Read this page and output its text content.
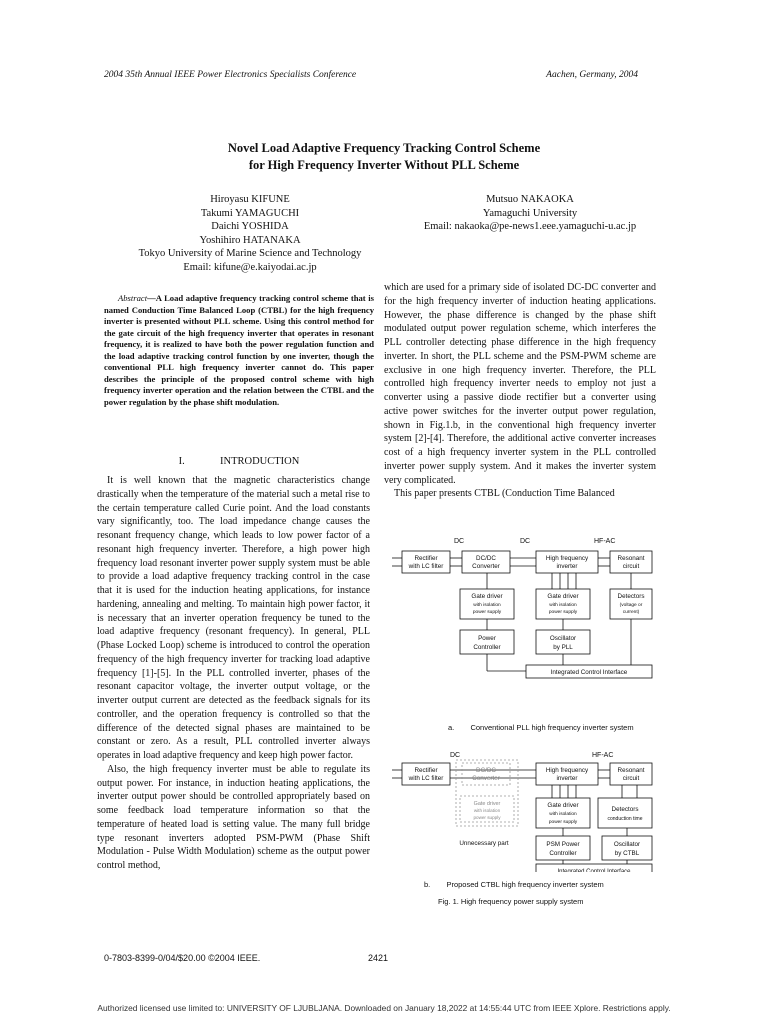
2004 35th Annual IEEE Power Electronics Specialists Conference	Aachen, Germany, 2004
Novel Load Adaptive Frequency Tracking Control Scheme
for High Frequency Inverter Without PLL Scheme
Hiroyasu KIFUNE
Takumi YAMAGUCHI
Daichi YOSHIDA
Yoshihiro HATANAKA
Tokyo University of Marine Science and Technology
Email: kifune@e.kaiyodai.ac.jp
Mutsuo NAKAOKA
Yamaguchi University
Email: nakaoka@pe-news1.eee.yamaguchi-u.ac.jp
Abstract—A Load adaptive frequency tracking control scheme that is named Conduction Time Balanced Loop (CTBL) for the high frequency inverter is presented without PLL scheme. Using this control method for the gate circuit of the high frequency inverter that operates in resonant frequency, it is realized to have both the power regulation function and the load adaptive tracking control function by one inverter, though the conventional PLL high frequency inverter cannot do. This paper describes the principle of the proposed control scheme with high frequency inverter operation and the relation between the CTBL and the power regulation by the phase shift modulation.
I.	INTRODUCTION

It is well known that the magnetic characteristics change drastically when the temperature of the material such a metal rise to the certain temperature called Curie point. And the load constants vary significantly, too. The load impedance change causes the resonant frequency change, which leads to low power factor of a resonant high frequency inverter. Therefore, a high power high frequency load resonant inverter power supply system must be able to provide a load adaptive frequency tracking control in the case that it is used for the induction heating applications, for instance hardening, annealing and melting. To maintain high power factor, it is necessary that an inverter operation frequency be tuned to the load adaptive frequency (resonant frequency). In general, PLL (Phase Locked Loop) scheme is introduced to control the operation frequency of the high frequency inverter for tracking load adaptive frequency [1]-[5]. In the PLL controlled inverter, phases of the resonant capacitor voltage, the inverter output voltage, or the inverter output current are detected as the feedback signals for its controller, and the operation frequency is controlled so that the difference of the detected signal phases are maintained to be constant or zero. As a result, PLL controlled inverter always operates in load adaptive frequency and keep high power factor.

Also, the high frequency inverter must be able to regulate its output power. For instance, in induction heating applications, the inverter output power should be controlled appropriately based on some feedback load temperature information so that the temperature of heated load is setting value. The many full bridge type resonant inverters adopted PSM-PWM (Phase Shift Modulation - Pulse Width Modulation) scheme as the output power control method,

which are used for a primary side of isolated DC-DC converter and for the high frequency inverter of induction heating applications. However, the phase difference is changed by the phase shift modulated output power regulation scheme, which interferes the PLL controller detecting phase difference in the high frequency inverter. In short, the PLL scheme and the PSM-PWM scheme are exclusive in one high frequency inverter. Therefore, the PLL controlled high frequency inverter needs to employ not just a converter using a passive diode rectifier but a converter using active power switches for the inverter output power regulation, shown in Fig.1.b, in the conventional high frequency inverter system [2]-[4]. Therefore, the additional active converter increases cost of a high frequency inverter system in the PLL controlled inverter power supply system. And it makes the inverter system very complicated.

This paper presents CTBL (Conduction Time Balanced

DC	DC	HF-AC
Rectifier
with LC filter
DC/DC
Converter
High frequency
inverter
Resonant
circuit
Gate driver
with isolation
power supply
Gate driver
with isolation
power supply
Detectors
(voltage or
current)
Power
Controller
Oscillator
by PLL
Integrated Control Interface
a. Conventional PLL high frequency inverter system
DC	HF-AC
Rectifier
with LC filter
DC/DC
Converter
Gate driver
with isolation
power supply
High frequency
inverter
Resonant
circuit
Gate driver
with isolation
power supply
Detectors
conduction time
Unnecessary part	PSM Power
Controller
Oscillator
by CTBL
Integrated Control Interface
b. Proposed CTBL high frequency inverter system
Fig. 1. High frequency power supply system
0-7803-8399-0/04/$20.00 ©2004 IEEE.	2421
Authorized licensed use limited to: UNIVERSITY OF LJUBLJANA. Downloaded on January 18,2022 at 14:55:44 UTC from IEEE Xplore. Restrictions apply.
